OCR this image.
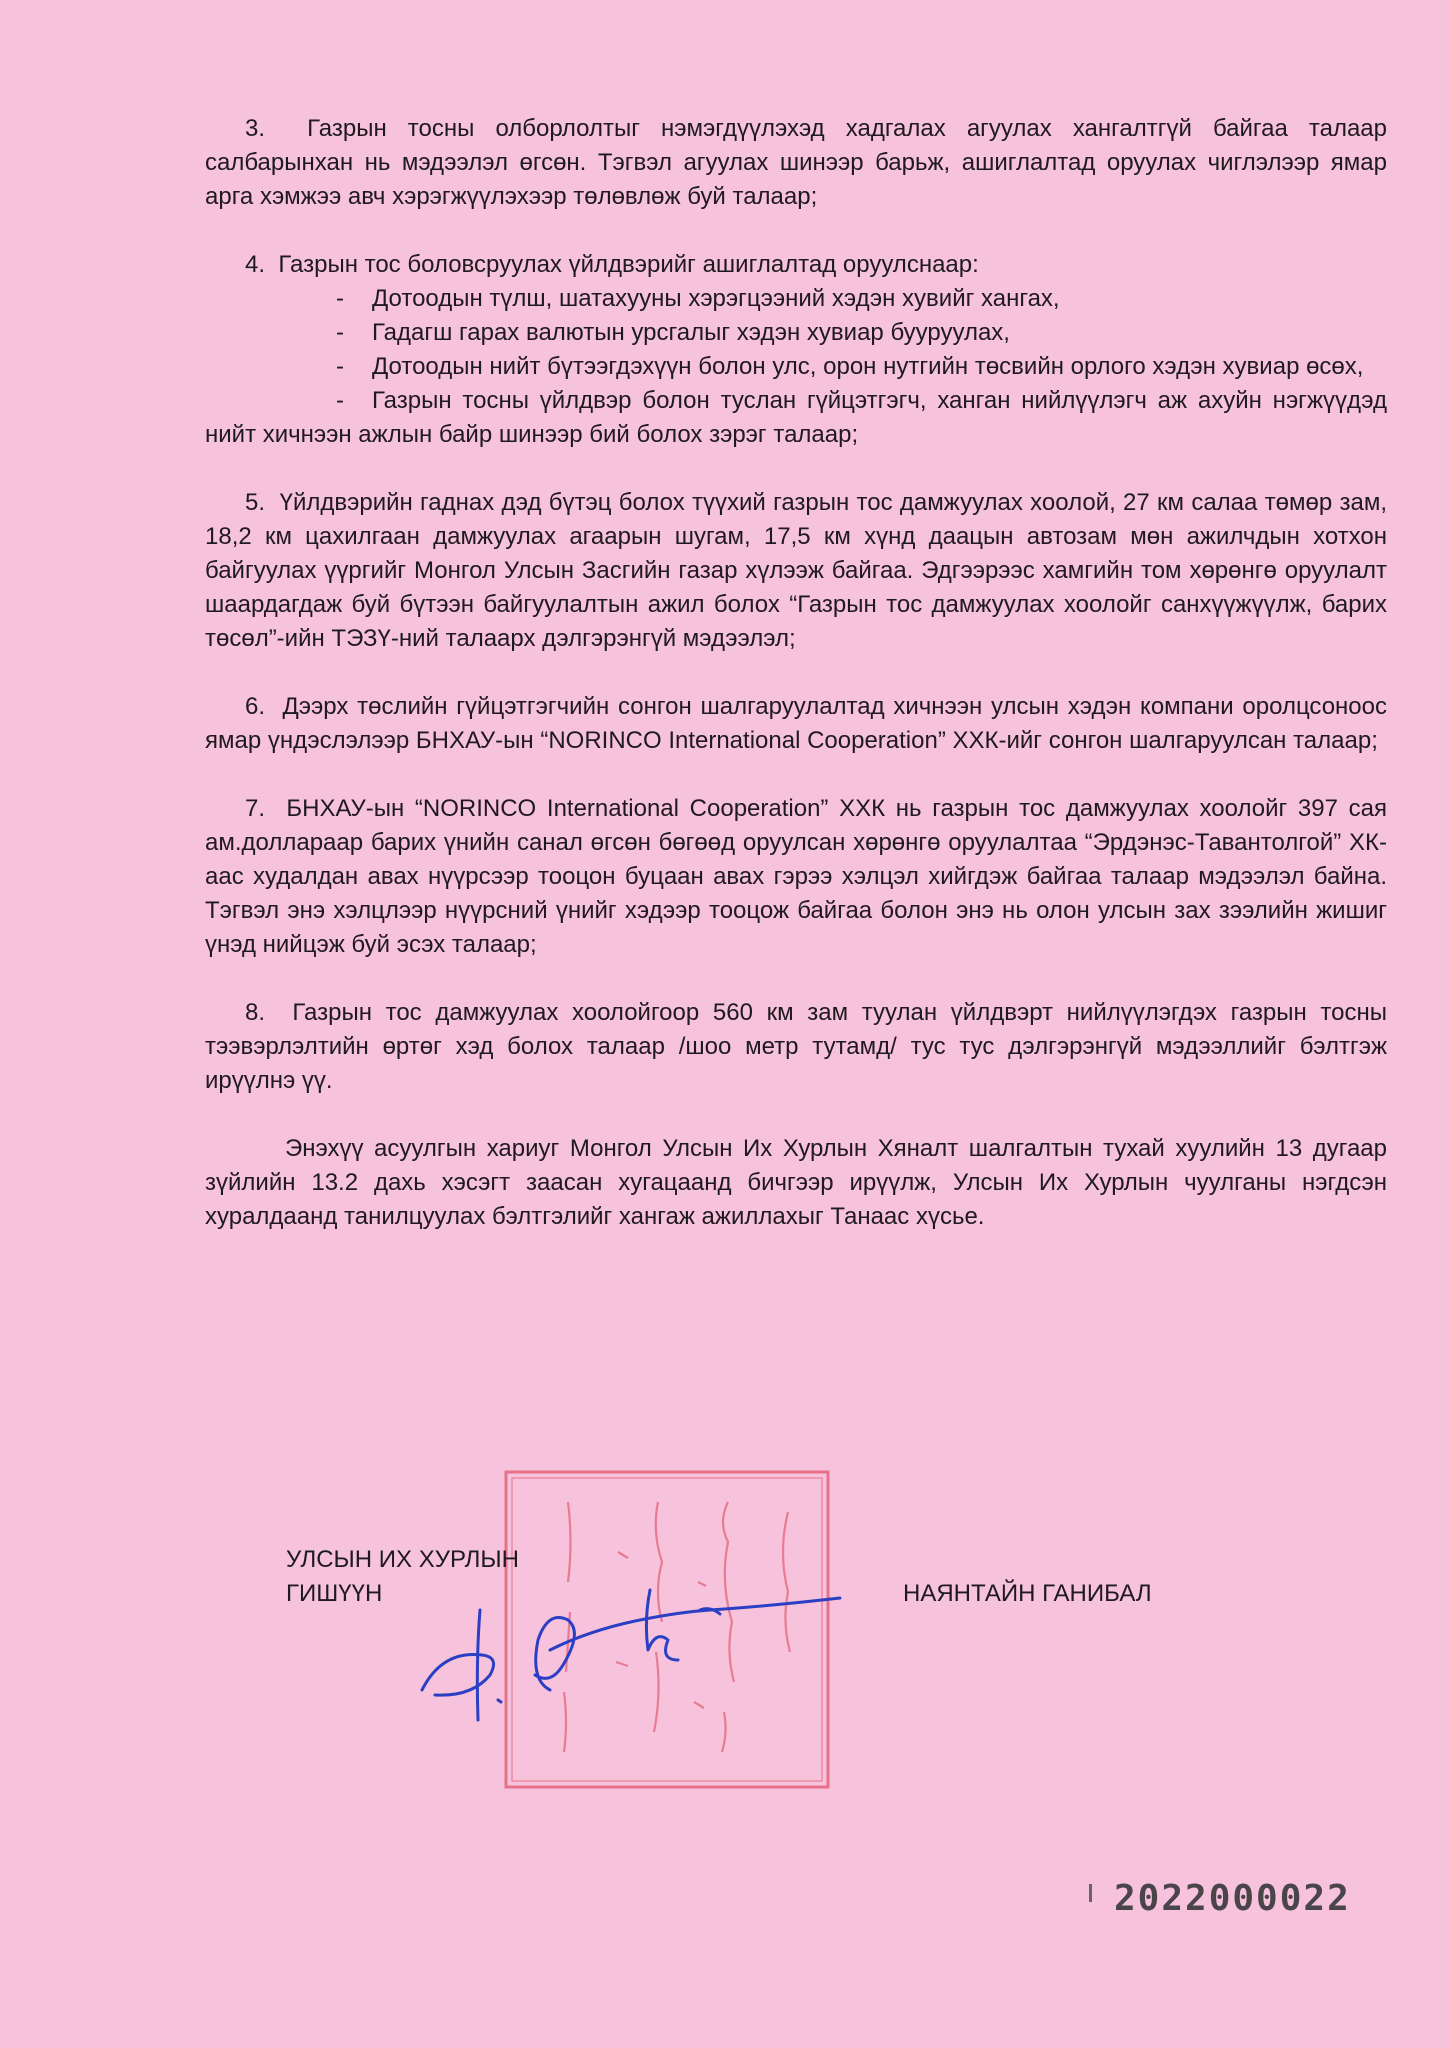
3. Газрын тосны олборлолтыг нэмэгдүүлэхэд хадгалах агуулах хангалтгүй байгаа талаар салбарынхан нь мэдээлэл өгсөн. Тэгвэл агуулах шинээр барьж, ашиглалтад оруулах чиглэлээр ямар арга хэмжээ авч хэрэгжүүлэхээр төлөвлөж буй талаар;

4. Газрын тос боловсруулах үйлдвэрийг ашиглалтад оруулснаар:

- Дотоодын түлш, шатахууны хэрэгцээний хэдэн хувийг хангах,
- Гадагш гарах валютын урсгалыг хэдэн хувиар бууруулах,
- Дотоодын нийт бүтээгдэхүүн болон улс, орон нутгийн төсвийн орлого хэдэн хувиар өсөх,
- Газрын тосны үйлдвэр болон туслан гүйцэтгэгч, ханган нийлүүлэгч аж ахуйн нэгжүүдэд нийт хичнээн ажлын байр шинээр бий болох зэрэг талаар;

5. Үйлдвэрийн гаднах дэд бүтэц болох түүхий газрын тос дамжуулах хоолой, 27 км салаа төмөр зам, 18,2 км цахилгаан дамжуулах агаарын шугам, 17,5 км хүнд даацын автозам мөн ажилчдын хотхон байгуулах үүргийг Монгол Улсын Засгийн газар хүлээж байгаа. Эдгээрээс хамгийн том хөрөнгө оруулалт шаардагдаж буй бүтээн байгуулалтын ажил болох “Газрын тос дамжуулах хоолойг санхүүжүүлж, барих төсөл”-ийн ТЭЗҮ-ний талаарх дэлгэрэнгүй мэдээлэл;

6. Дээрх төслийн гүйцэтгэгчийн сонгон шалгаруулалтад хичнээн улсын хэдэн компани оролцсоноос ямар үндэслэлээр БНХАУ-ын “NORINCO International Cooperation” ХХК-ийг сонгон шалгаруулсан талаар;

7. БНХАУ-ын “NORINCO International Cooperation” ХХК нь газрын тос дамжуулах хоолойг 397 сая ам.доллараар барих үнийн санал өгсөн бөгөөд оруулсан хөрөнгө оруулалтаа “Эрдэнэс-Тавантолгой” ХК-аас худалдан авах нүүрсээр тооцон буцаан авах гэрээ хэлцэл хийгдэж байгаа талаар мэдээлэл байна. Тэгвэл энэ хэлцлээр нүүрсний үнийг хэдээр тооцож байгаа болон энэ нь олон улсын зах зээлийн жишиг үнэд нийцэж буй эсэх талаар;

8. Газрын тос дамжуулах хоолойгоор 560 км зам туулан үйлдвэрт нийлүүлэгдэх газрын тосны тээвэрлэлтийн өртөг хэд болох талаар /шоо метр тутамд/ тус тус дэлгэрэнгүй мэдээллийг бэлтгэж ирүүлнэ үү.

Энэхүү асуулгын хариуг Монгол Улсын Их Хурлын Хяналт шалгалтын тухай хуулийн 13 дугаар зүйлийн 13.2 дахь хэсэгт заасан хугацаанд бичгээр ирүүлж, Улсын Их Хурлын чуулганы нэгдсэн хуралдаанд танилцуулах бэлтгэлийг хангаж ажиллахыг Танаас хүсье.

УЛСЫН ИХ ХУРЛЫН
ГИШҮҮН	НАЯНТАЙН ГАНИБАЛ
2022000022
